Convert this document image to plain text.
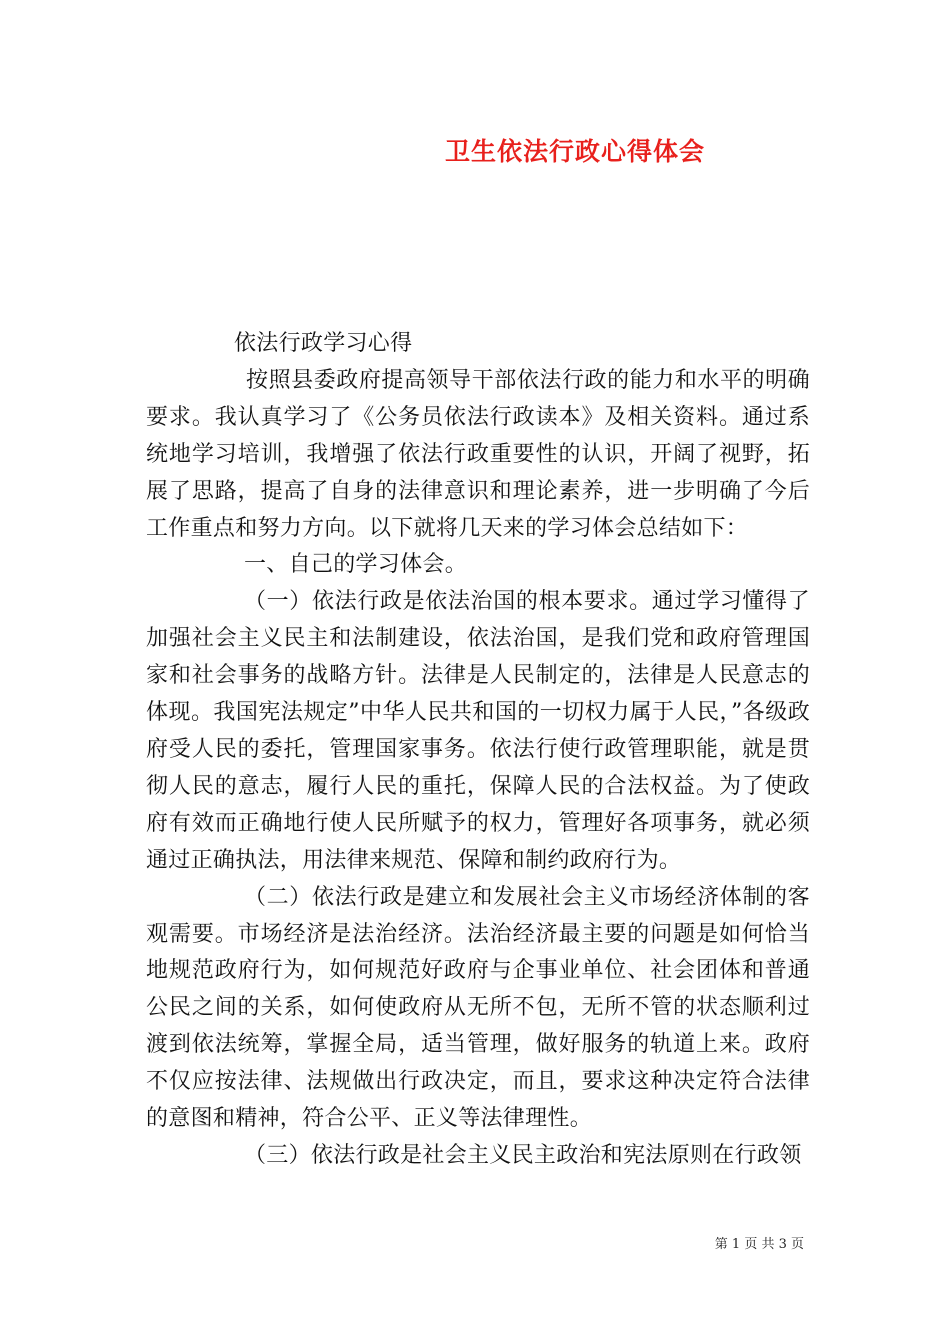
卫生依法行政心得体会

依法行政学习心得

按照县委政府提高领导干部依法行政的能力和水平的明确要求。我认真学习了《公务员依法行政读本》及相关资料。通过系统地学习培训，我增强了依法行政重要性的认识，开阔了视野，拓展了思路，提高了自身的法律意识和理论素养，进一步明确了今后工作重点和努力方向。以下就将几天来的学习体会总结如下：

一、自己的学习体会。

（一）依法行政是依法治国的根本要求。通过学习懂得了加强社会主义民主和法制建设，依法治国，是我们党和政府管理国家和社会事务的战略方针。法律是人民制定的，法律是人民意志的体现。我国宪法规定”中华人民共和国的一切权力属于人民，”各级政府受人民的委托，管理国家事务。依法行使行政管理职能，就是贯彻人民的意志，履行人民的重托，保障人民的合法权益。为了使政府有效而正确地行使人民所赋予的权力，管理好各项事务，就必须通过正确执法，用法律来规范、保障和制约政府行为。

（二）依法行政是建立和发展社会主义市场经济体制的客观需要。市场经济是法治经济。法治经济最主要的问题是如何恰当地规范政府行为，如何规范好政府与企事业单位、社会团体和普通公民之间的关系，如何使政府从无所不包，无所不管的状态顺利过渡到依法统筹，掌握全局，适当管理，做好服务的轨道上来。政府不仅应按法律、法规做出行政决定，而且，要求这种决定符合法律的意图和精神，符合公平、正义等法律理性。

（三）依法行政是社会主义民主政治和宪法原则在行政领

第 1 页 共 3 页
